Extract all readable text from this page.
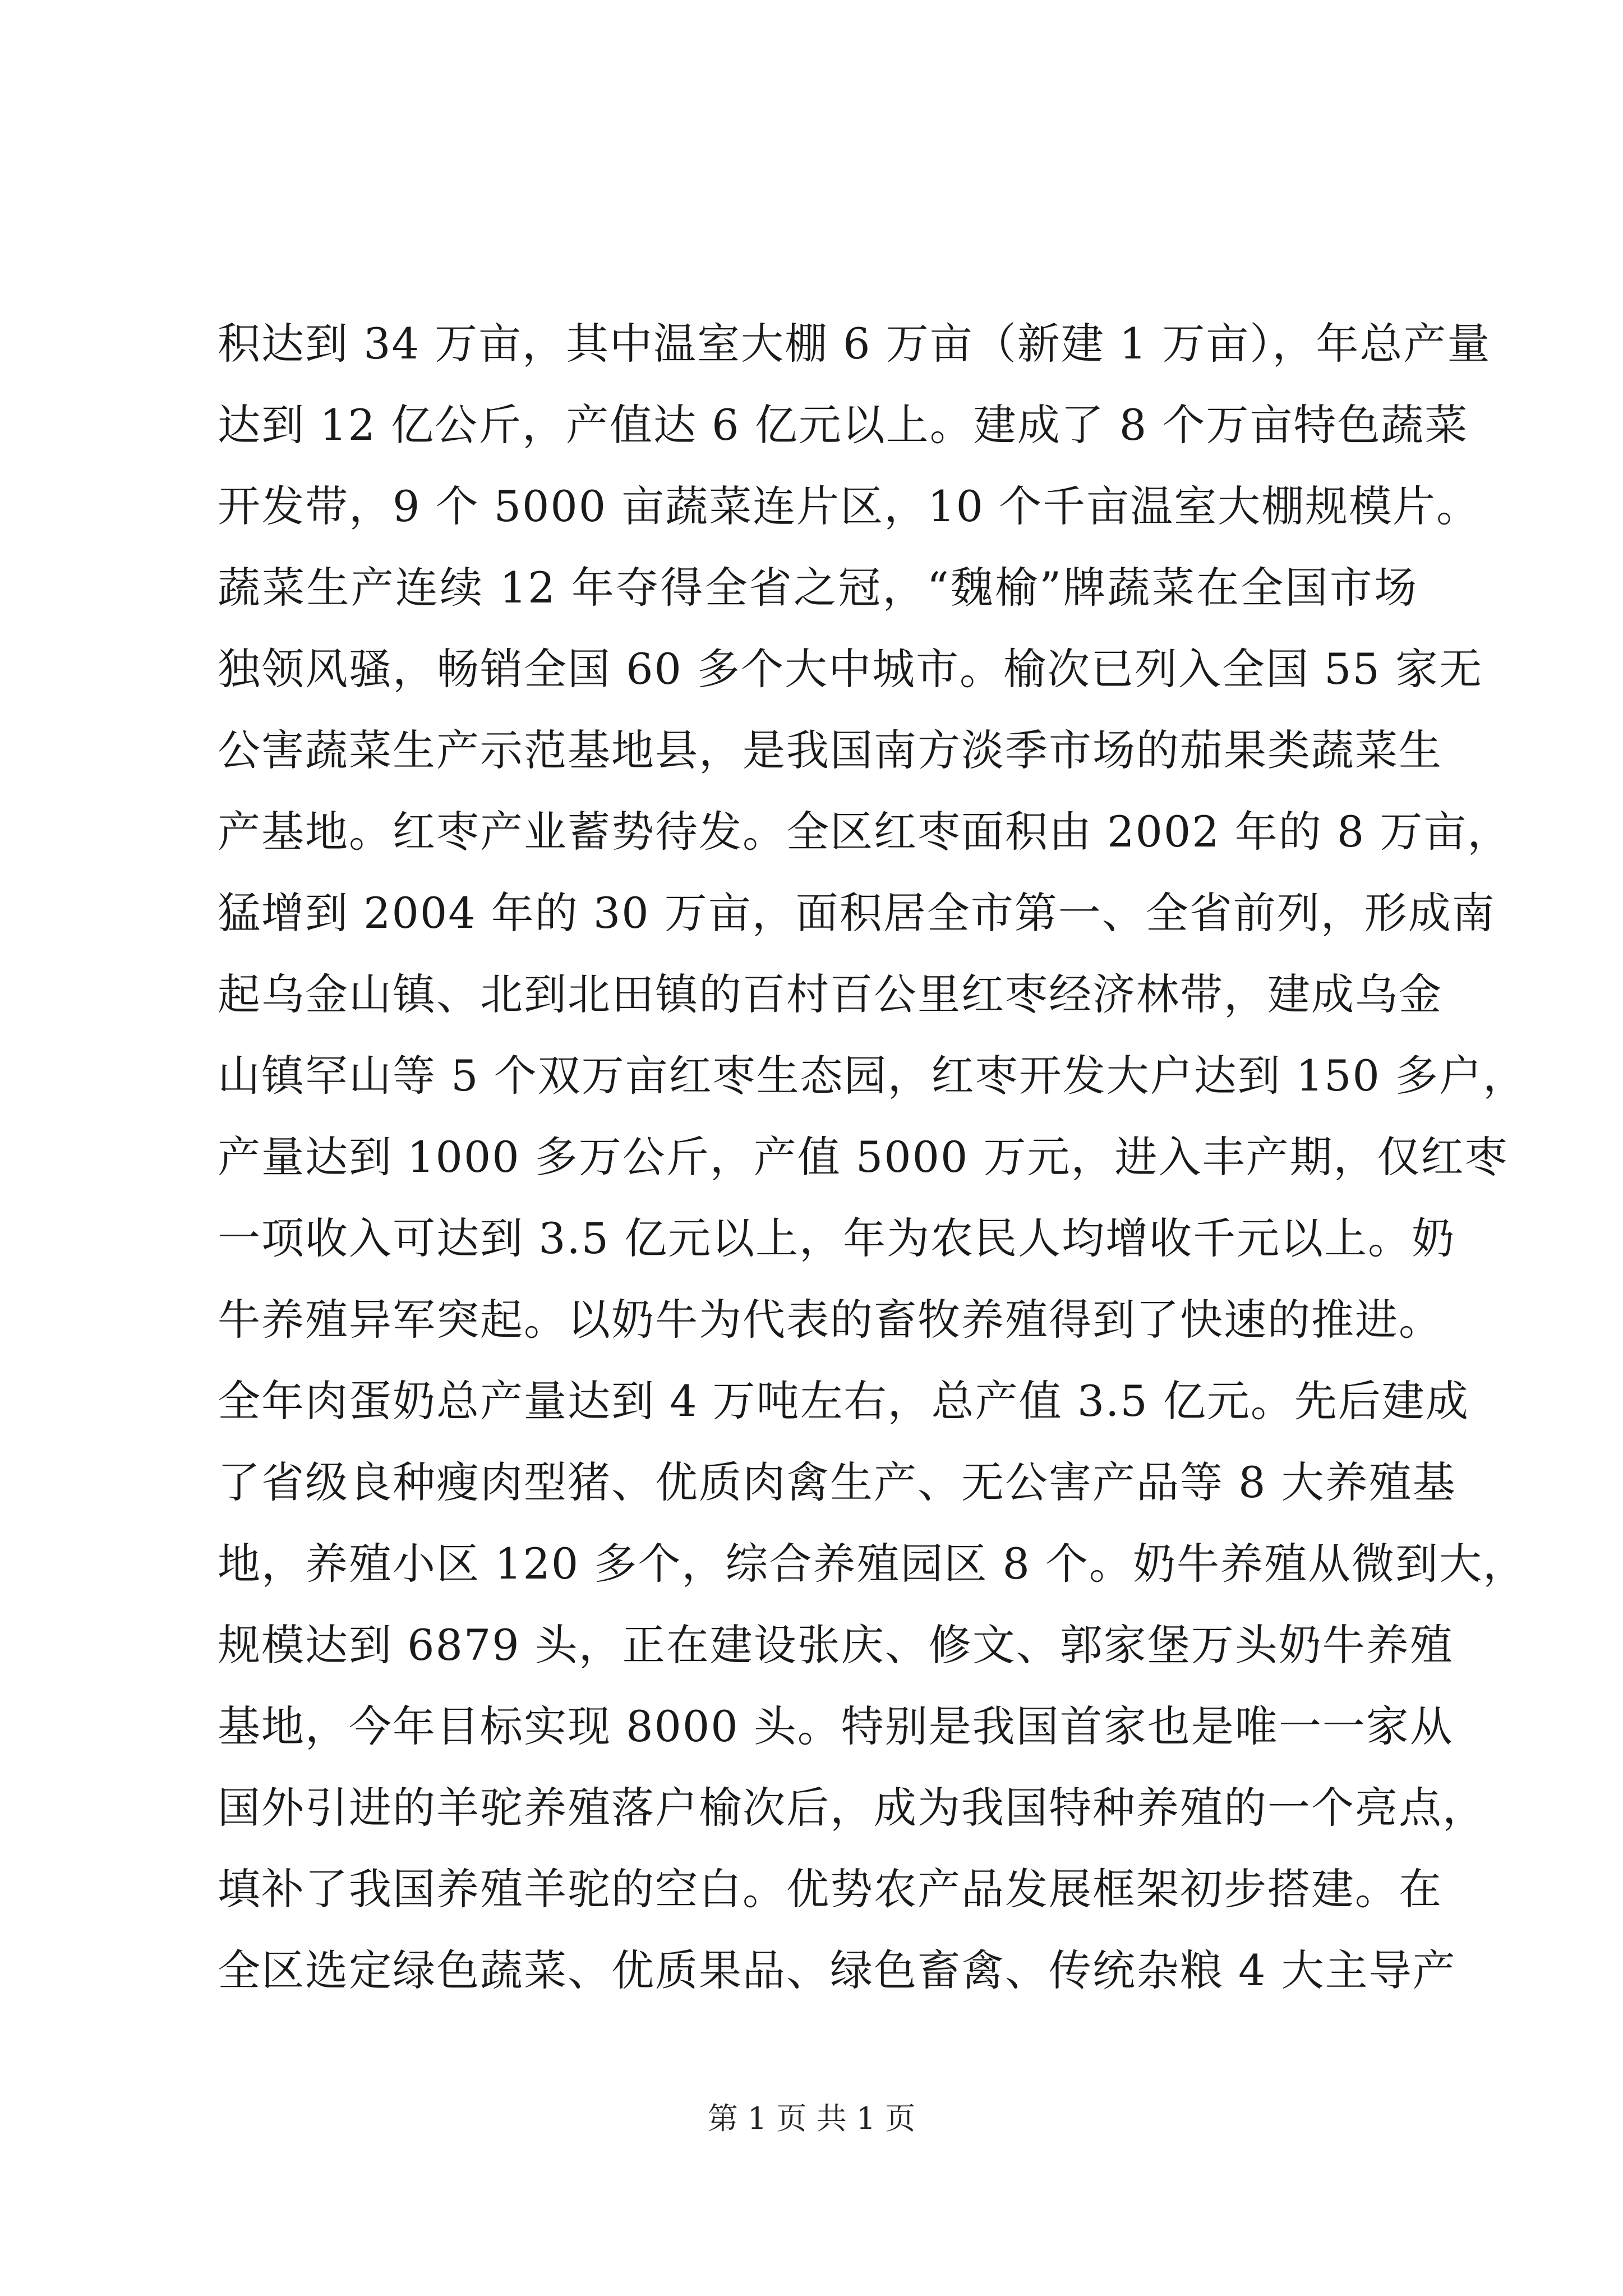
积达到 34 万亩，其中温室大棚 6 万亩（新建 1 万亩），年总产量
达到 12 亿公斤，产值达 6 亿元以上。建成了 8 个万亩特色蔬菜
开发带，9 个 5000 亩蔬菜连片区，10 个千亩温室大棚规模片。
蔬菜生产连续 12 年夺得全省之冠，“魏榆”牌蔬菜在全国市场
独领风骚，畅销全国 60 多个大中城市。榆次已列入全国 55 家无
公害蔬菜生产示范基地县，是我国南方淡季市场的茄果类蔬菜生
产基地。红枣产业蓄势待发。全区红枣面积由 2002 年的 8 万亩，
猛增到 2004 年的 30 万亩，面积居全市第一、全省前列，形成南
起乌金山镇、北到北田镇的百村百公里红枣经济林带，建成乌金
山镇罕山等 5 个双万亩红枣生态园，红枣开发大户达到 150 多户，
产量达到 1000 多万公斤，产值 5000 万元，进入丰产期，仅红枣
一项收入可达到 3.5 亿元以上，年为农民人均增收千元以上。奶
牛养殖异军突起。以奶牛为代表的畜牧养殖得到了快速的推进。
全年肉蛋奶总产量达到 4 万吨左右，总产值 3.5 亿元。先后建成
了省级良种瘦肉型猪、优质肉禽生产、无公害产品等 8 大养殖基
地，养殖小区 120 多个，综合养殖园区 8 个。奶牛养殖从微到大，
规模达到 6879 头，正在建设张庆、修文、郭家堡万头奶牛养殖
基地，今年目标实现 8000 头。特别是我国首家也是唯一一家从
国外引进的羊驼养殖落户榆次后，成为我国特种养殖的一个亮点，
填补了我国养殖羊驼的空白。优势农产品发展框架初步搭建。在
全区选定绿色蔬菜、优质果品、绿色畜禽、传统杂粮 4 大主导产
第 1 页 共 1 页
